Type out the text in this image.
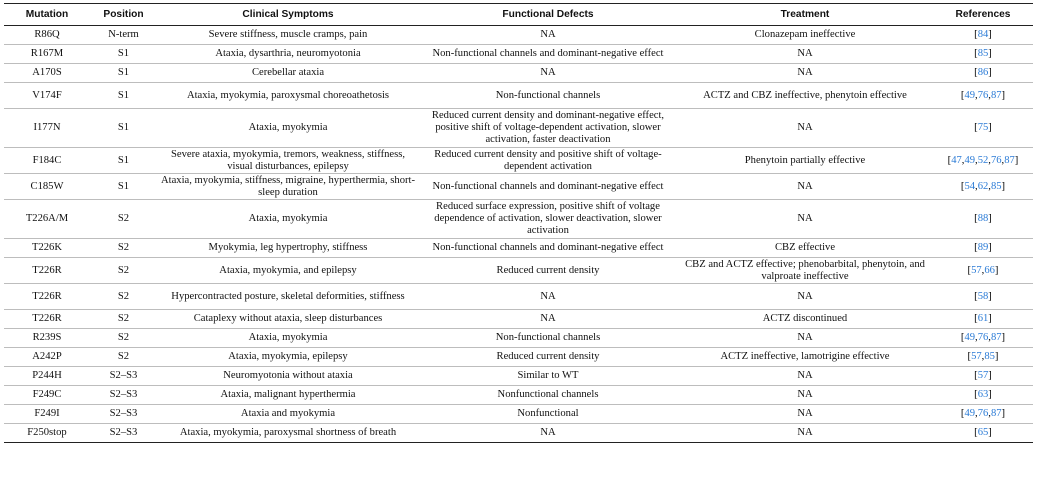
Mutation	Position	Clinical Symptoms	Functional Defects	Treatment	References
R86Q	N-term	Severe stiffness, muscle cramps, pain	NA	Clonazepam ineffective	[84]
R167M	S1	Ataxia, dysarthria, neuromyotonia	Non-functional channels and dominant-negative effect	NA	[85]
A170S	S1	Cerebellar ataxia	NA	NA	[86]
V174F	S1	Ataxia, myokymia, paroxysmal choreoathetosis	Non-functional channels	ACTZ and CBZ ineffective, phenytoin effective	[49,76,87]
I177N	S1	Ataxia, myokymia	Reduced current density and dominant-negative effect, positive shift of voltage-dependent activation, slower activation, faster deactivation	NA	[75]
F184C	S1	Severe ataxia, myokymia, tremors, weakness, stiffness, visual disturbances, epilepsy	Reduced current density and positive shift of voltage-dependent activation	Phenytoin partially effective	[47,49,52,76,87]
C185W	S1	Ataxia, myokymia, stiffness, migraine, hyperthermia, short-sleep duration	Non-functional channels and dominant-negative effect	NA	[54,62,85]
T226A/M	S2	Ataxia, myokymia	Reduced surface expression, positive shift of voltage dependence of activation, slower deactivation, slower activation	NA	[88]
T226K	S2	Myokymia, leg hypertrophy, stiffness	Non-functional channels and dominant-negative effect	CBZ effective	[89]
T226R	S2	Ataxia, myokymia, and epilepsy	Reduced current density	CBZ and ACTZ effective; phenobarbital, phenytoin, and valproate ineffective	[57,66]
T226R	S2	Hypercontracted posture, skeletal deformities, stiffness	NA	NA	[58]
T226R	S2	Cataplexy without ataxia, sleep disturbances	NA	ACTZ discontinued	[61]
R239S	S2	Ataxia, myokymia	Non-functional channels	NA	[49,76,87]
A242P	S2	Ataxia, myokymia, epilepsy	Reduced current density	ACTZ ineffective, lamotrigine effective	[57,85]
P244H	S2–S3	Neuromyotonia without ataxia	Similar to WT	NA	[57]
F249C	S2–S3	Ataxia, malignant hyperthermia	Nonfunctional channels	NA	[63]
F249I	S2–S3	Ataxia and myokymia	Nonfunctional	NA	[49,76,87]
F250stop	S2–S3	Ataxia, myokymia, paroxysmal shortness of breath	NA	NA	[65]
